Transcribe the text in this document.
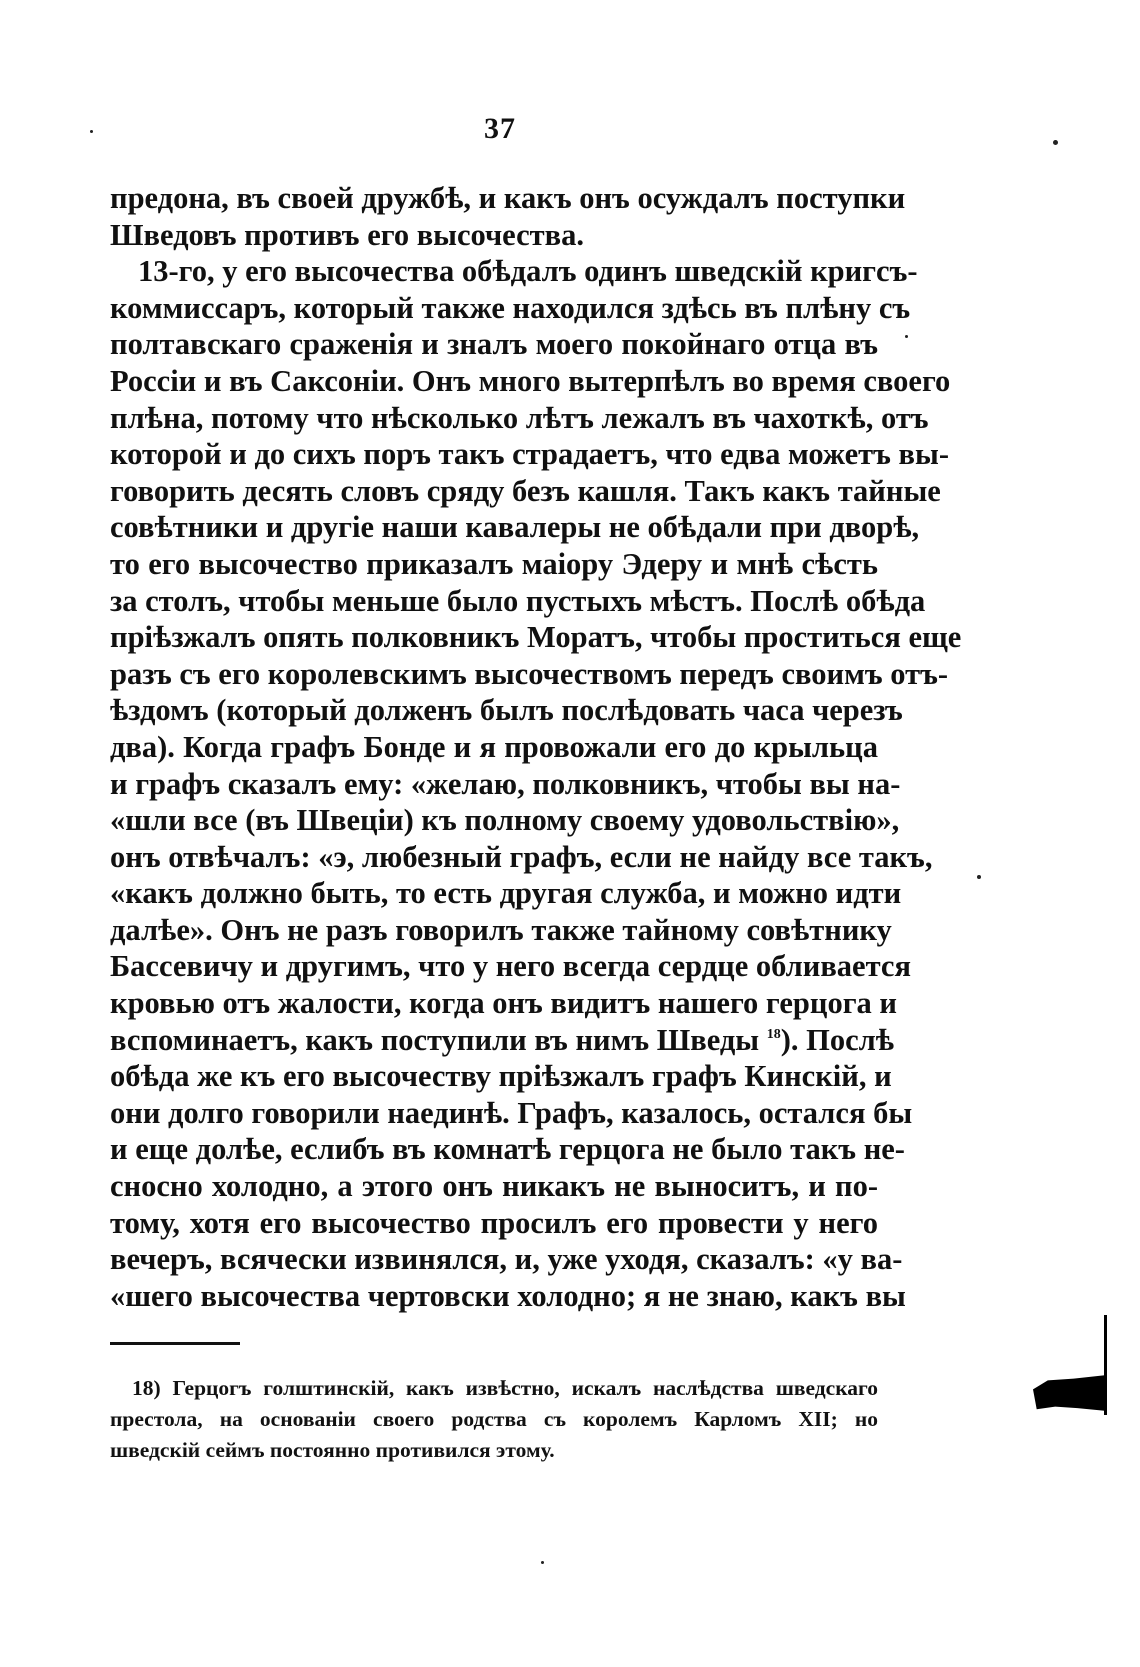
37
предона, въ своей дружбѣ, и какъ онъ осуждалъ поступки
Шведовъ противъ его высочества.
13-го, у его высочества обѣдалъ одинъ шведскій кригсъ-
коммиссаръ, который также находился здѣсь въ плѣну съ
полтавскаго сраженія и зналъ моего покойнаго отца въ
Россіи и въ Саксоніи. Онъ много вытерпѣлъ во время своего
плѣна, потому что нѣсколько лѣтъ лежалъ въ чахоткѣ, отъ
которой и до сихъ поръ такъ страдаетъ, что едва можетъ вы-
говорить десять словъ сряду безъ кашля. Такъ какъ тайные
совѣтники и другіе наши кавалеры не обѣдали при дворѣ,
то его высочество приказалъ маіору Эдеру и мнѣ сѣсть
за столъ, чтобы меньше было пустыхъ мѣстъ. Послѣ обѣда
пріѣзжалъ опять полковникъ Моратъ, чтобы проститься еще
разъ съ его королевскимъ высочествомъ передъ своимъ отъ-
ѣздомъ (который долженъ былъ послѣдовать часа черезъ
два). Когда графъ Бонде и я провожали его до крыльца
и графъ сказалъ ему: «желаю, полковникъ, чтобы вы на-
«шли все (въ Швеціи) къ полному своему удовольствію»,
онъ отвѣчалъ: «э, любезный графъ, если не найду все такъ,
«какъ должно быть, то есть другая служба, и можно идти
далѣе». Онъ не разъ говорилъ также тайному совѣтнику
Бассевичу и другимъ, что у него всегда сердце обливается
кровью отъ жалости, когда онъ видитъ нашего герцога и
вспоминаетъ, какъ поступили въ нимъ Шведы $^{18}$). Послѣ
обѣда же къ его высочеству пріѣзжалъ графъ Кинскій, и
они долго говорили наединѣ. Графъ, казалось, остался бы
и еще долѣе, еслибъ въ комнатѣ герцога не было такъ не-
сносно холодно, а этого онъ никакъ не выноситъ, и по-
тому, хотя его высочество просилъ его провести у него
вечеръ, всячески извинялся, и, уже уходя, сказалъ: «у ва-
«шего высочества чертовски холодно; я не знаю, какъ вы
18) Герцогъ голштинскій, какъ извѣстно, искалъ наслѣдства шведскаго
престола, на основаніи своего родства съ королемъ Карломъ XII; но
шведскій сеймъ постоянно противился этому.
